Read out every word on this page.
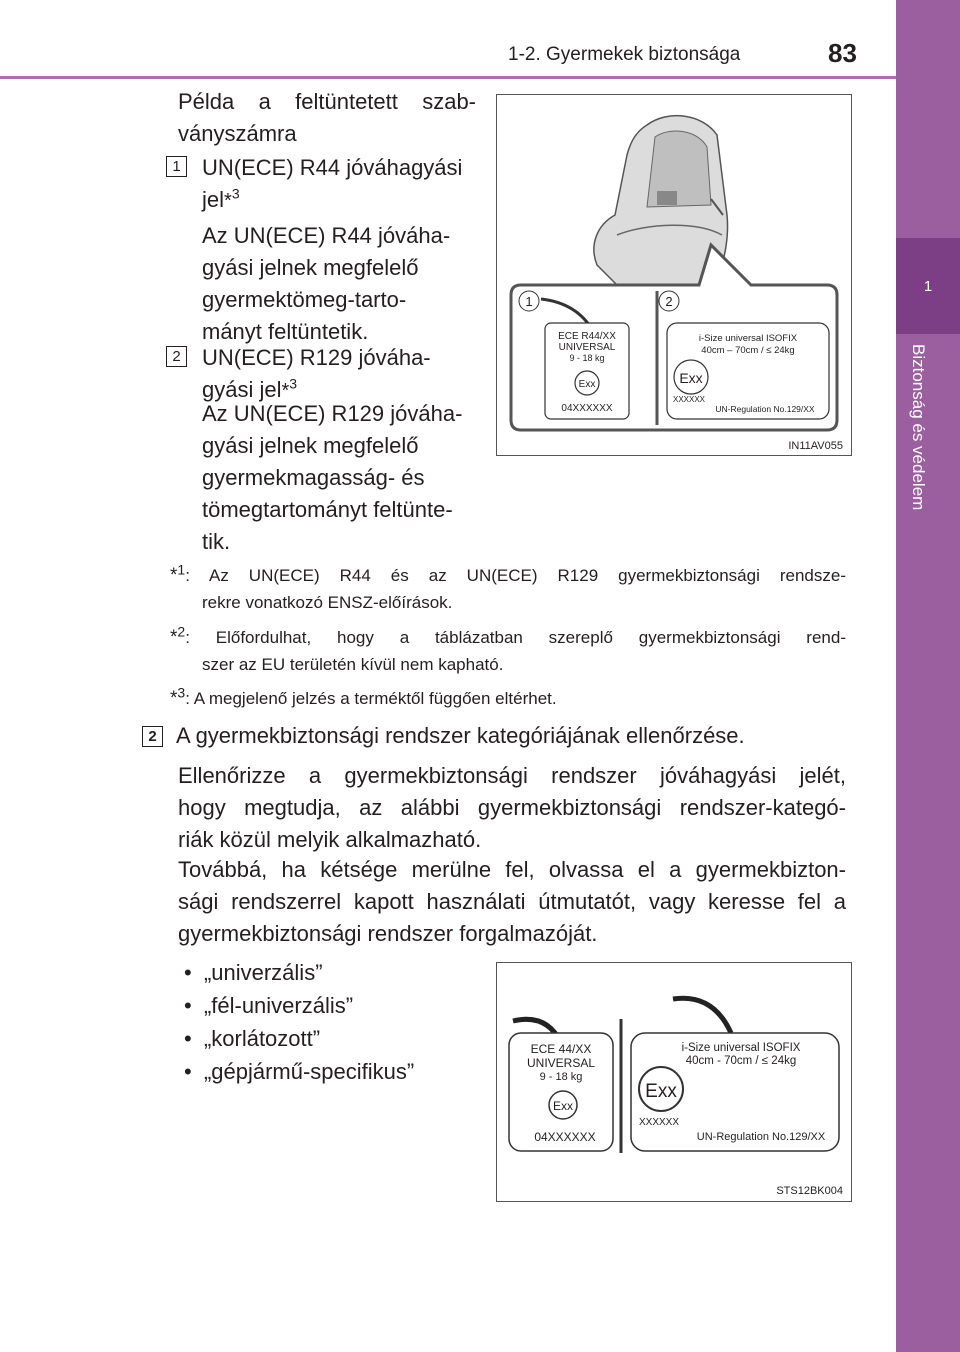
1-2. Gyermekek biztonsága	83
1
Biztonság és védelem
Példa a feltüntetett szab-
ványszámra
1 UN(ECE) R44 jóváhagyási
jel*$^3$
Az UN(ECE) R44 jóváha-
gyási jelnek megfelelő
gyermektömeg-tarto-
mányt feltüntetik.
2 UN(ECE) R129 jóváha-
gyási jel*$^3$
Az UN(ECE) R129 jóváha-
gyási jelnek megfelelő
gyermekmagasság- és
tömegtartományt feltünte-
tik.
1	2
ECE R44/XX
UNIVERSAL
9 - 18 kg
Exx
04XXXXXX
i-Size universal ISOFIX
40cm – 70cm / ≤ 24kg
Exx
XXXXXX
UN-Regulation No.129/XX
IN11AV055
*$^1$: Az UN(ECE) R44 és az UN(ECE) R129 gyermekbiztonsági rendsze-
rekre vonatkozó ENSZ-előírások.
*$^2$: Előfordulhat, hogy a táblázatban szereplő gyermekbiztonsági rend-
szer az EU területén kívül nem kapható.
*$^3$: A megjelenő jelzés a terméktől függően eltérhet.
2 A gyermekbiztonsági rendszer kategóriájának ellenőrzése.
Ellenőrizze a gyermekbiztonsági rendszer jóváhagyási jelét,
hogy megtudja, az alábbi gyermekbiztonsági rendszer-kategó-
riák közül melyik alkalmazható.
Továbbá, ha kétsége merülne fel, olvassa el a gyermekbizton-
sági rendszerrel kapott használati útmutatót, vagy keresse fel a
gyermekbiztonsági rendszer forgalmazóját.
•  „univerzális”
•  „fél-univerzális”
•  „korlátozott”
•  „gépjármű-specifikus”
ECE 44/XX
UNIVERSAL
9 - 18 kg
Exx
04XXXXXX
i-Size universal ISOFIX
40cm - 70cm / ≤ 24kg
Exx
XXXXXX
UN-Regulation No.129/XX
STS12BK004
